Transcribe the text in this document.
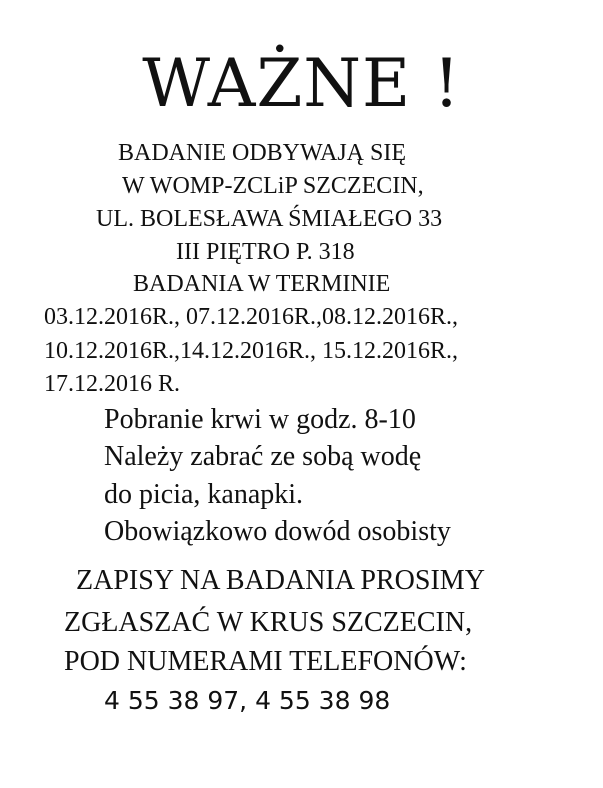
WAŻNE !

BADANIE ODBYWAJĄ SIĘ

W WOMP-ZCLiP SZCZECIN,

UL. BOLESŁAWA ŚMIAŁEGO 33

III PIĘTRO P. 318

BADANIA W TERMINIE

03.12.2016R., 07.12.2016R.,08.12.2016R.,

10.12.2016R.,14.12.2016R., 15.12.2016R.,

17.12.2016 R.

Pobranie krwi w godz. 8-10

Należy zabrać ze sobą wodę

do picia, kanapki.

Obowiązkowo dowód osobisty

ZAPISY NA BADANIA PROSIMY

ZGŁASZAĆ W KRUS SZCZECIN,

POD NUMERAMI TELEFONÓW:

4 55 38 97, 4 55 38 98
